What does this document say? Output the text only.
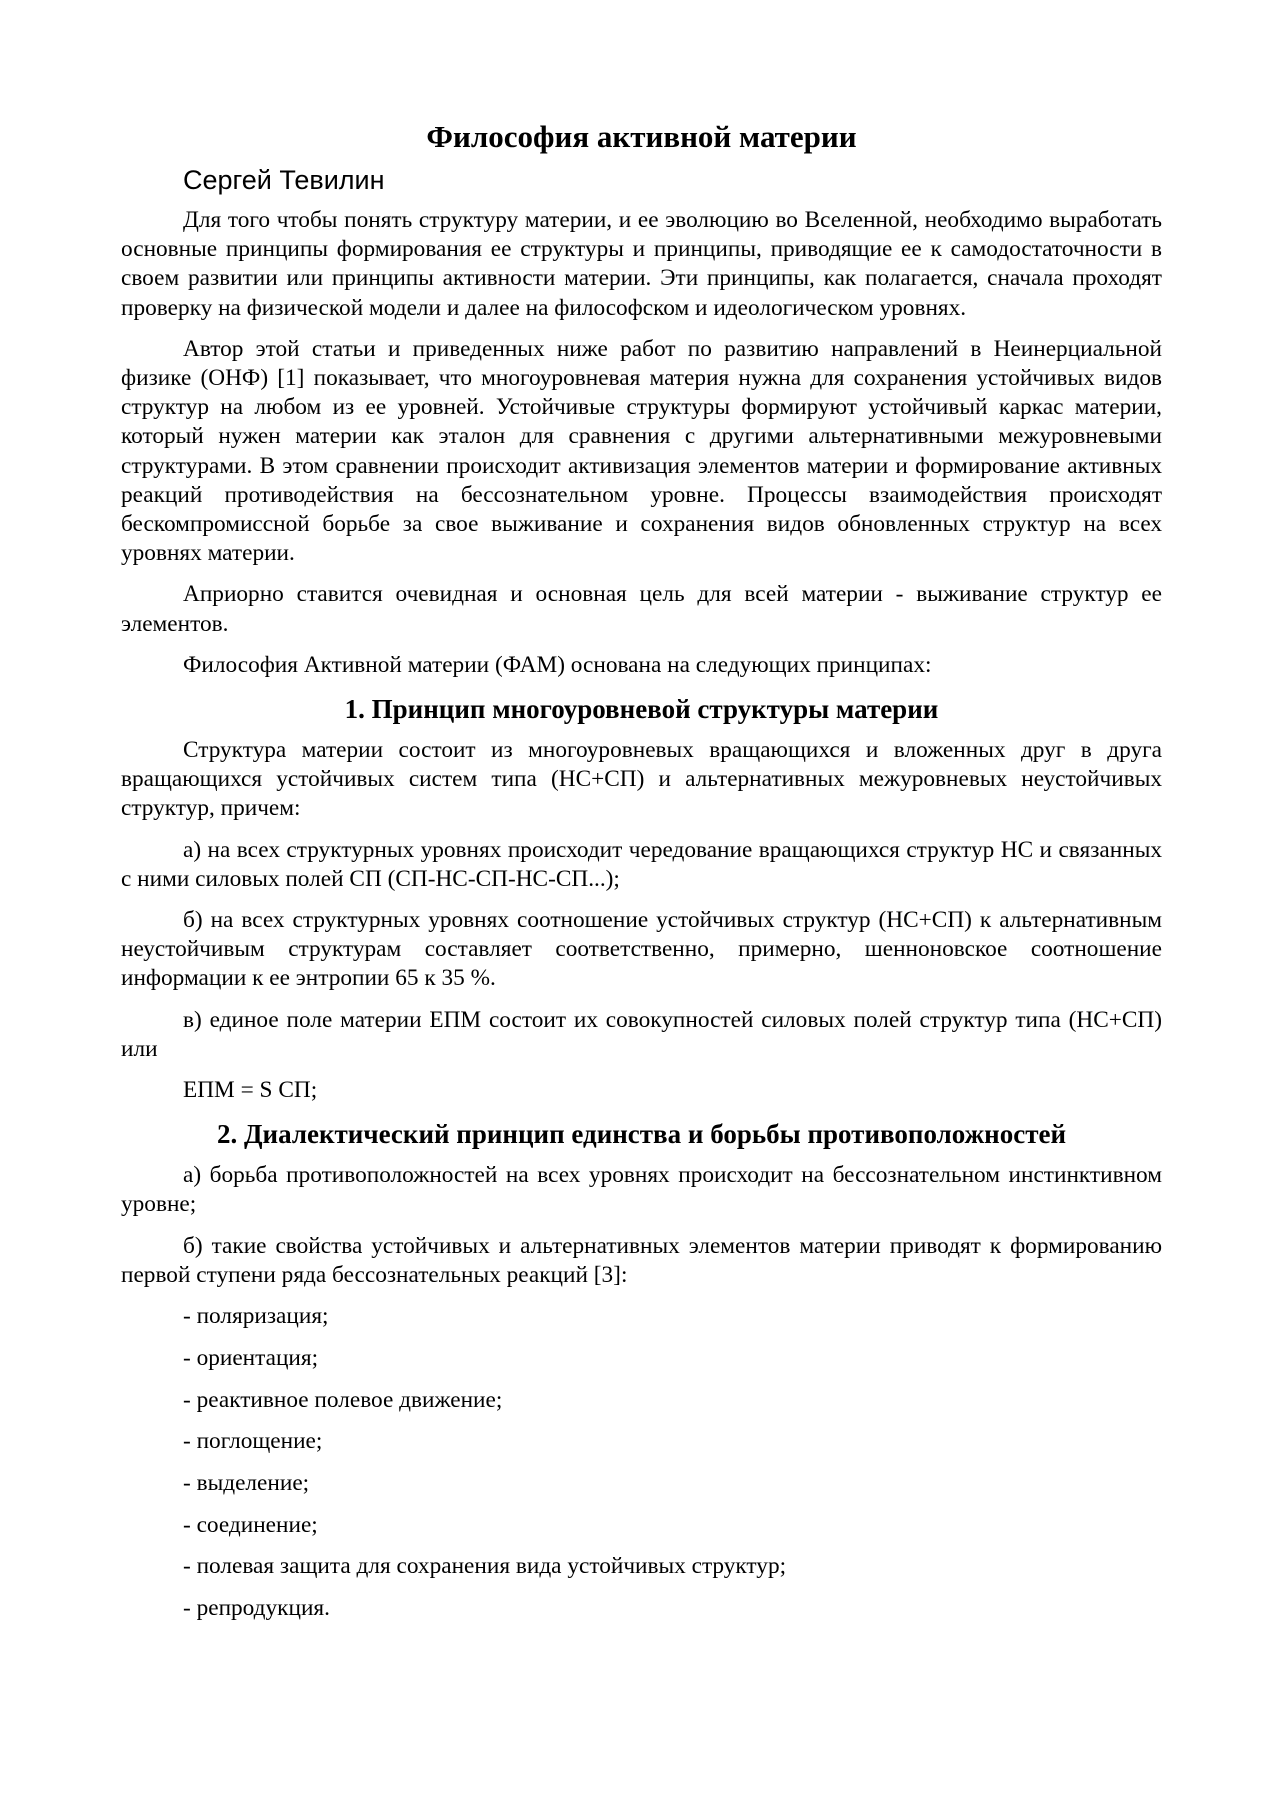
Философия активной материи
Сергей Тевилин

Для того чтобы понять структуру материи, и ее эволюцию во Вселенной, необходимо выработать основные принципы формирования ее структуры и принципы, приводящие ее к самодостаточности в своем развитии или принципы активности материи. Эти принципы, как полагается, сначала проходят проверку на физической модели и далее на философском и идеологическом уровнях.

Автор этой статьи и приведенных ниже работ по развитию направлений в Неинерциальной физике (ОНФ) [1] показывает, что многоуровневая материя нужна для сохранения устойчивых видов структур на любом из ее уровней. Устойчивые структуры формируют устойчивый каркас материи, который нужен материи как эталон для сравнения с другими альтернативными межуровневыми структурами. В этом сравнении происходит активизация элементов материи и формирование активных реакций противодействия на бессознательном уровне. Процессы взаимодействия происходят бескомпромиссной борьбе за свое выживание и сохранения видов обновленных структур на всех уровнях материи.

Априорно ставится очевидная и основная цель для всей материи - выживание структур ее элементов.

Философия Активной материи (ФАМ) основана на следующих принципах:

1. Принцип многоуровневой структуры материи

Структура материи состоит из многоуровневых вращающихся и вложенных друг в друга вращающихся устойчивых систем типа (НС+СП) и альтернативных межуровневых неустойчивых структур, причем:

а) на всех структурных уровнях происходит чередование вращающихся структур НС и связанных с ними силовых полей СП (СП-НС-СП-НС-СП...);

б) на всех структурных уровнях соотношение устойчивых структур (НС+СП) к альтернативным неустойчивым структурам составляет соответственно, примерно, шенноновское соотношение информации к ее энтропии 65 к 35 %.

в) единое поле материи ЕПМ состоит их совокупностей силовых полей структур типа (НС+СП) или

ЕПМ = S СП;

2. Диалектический принцип единства и борьбы противоположностей

а) борьба противоположностей на всех уровнях происходит на бессознательном инстинктивном уровне;

б) такие свойства устойчивых и альтернативных элементов материи приводят к формированию первой ступени ряда бессознательных реакций [3]:

- поляризация;
- ориентация;
- реактивное полевое движение;
- поглощение;
- выделение;
- соединение;
- полевая защита для сохранения вида устойчивых структур;
- репродукция.
